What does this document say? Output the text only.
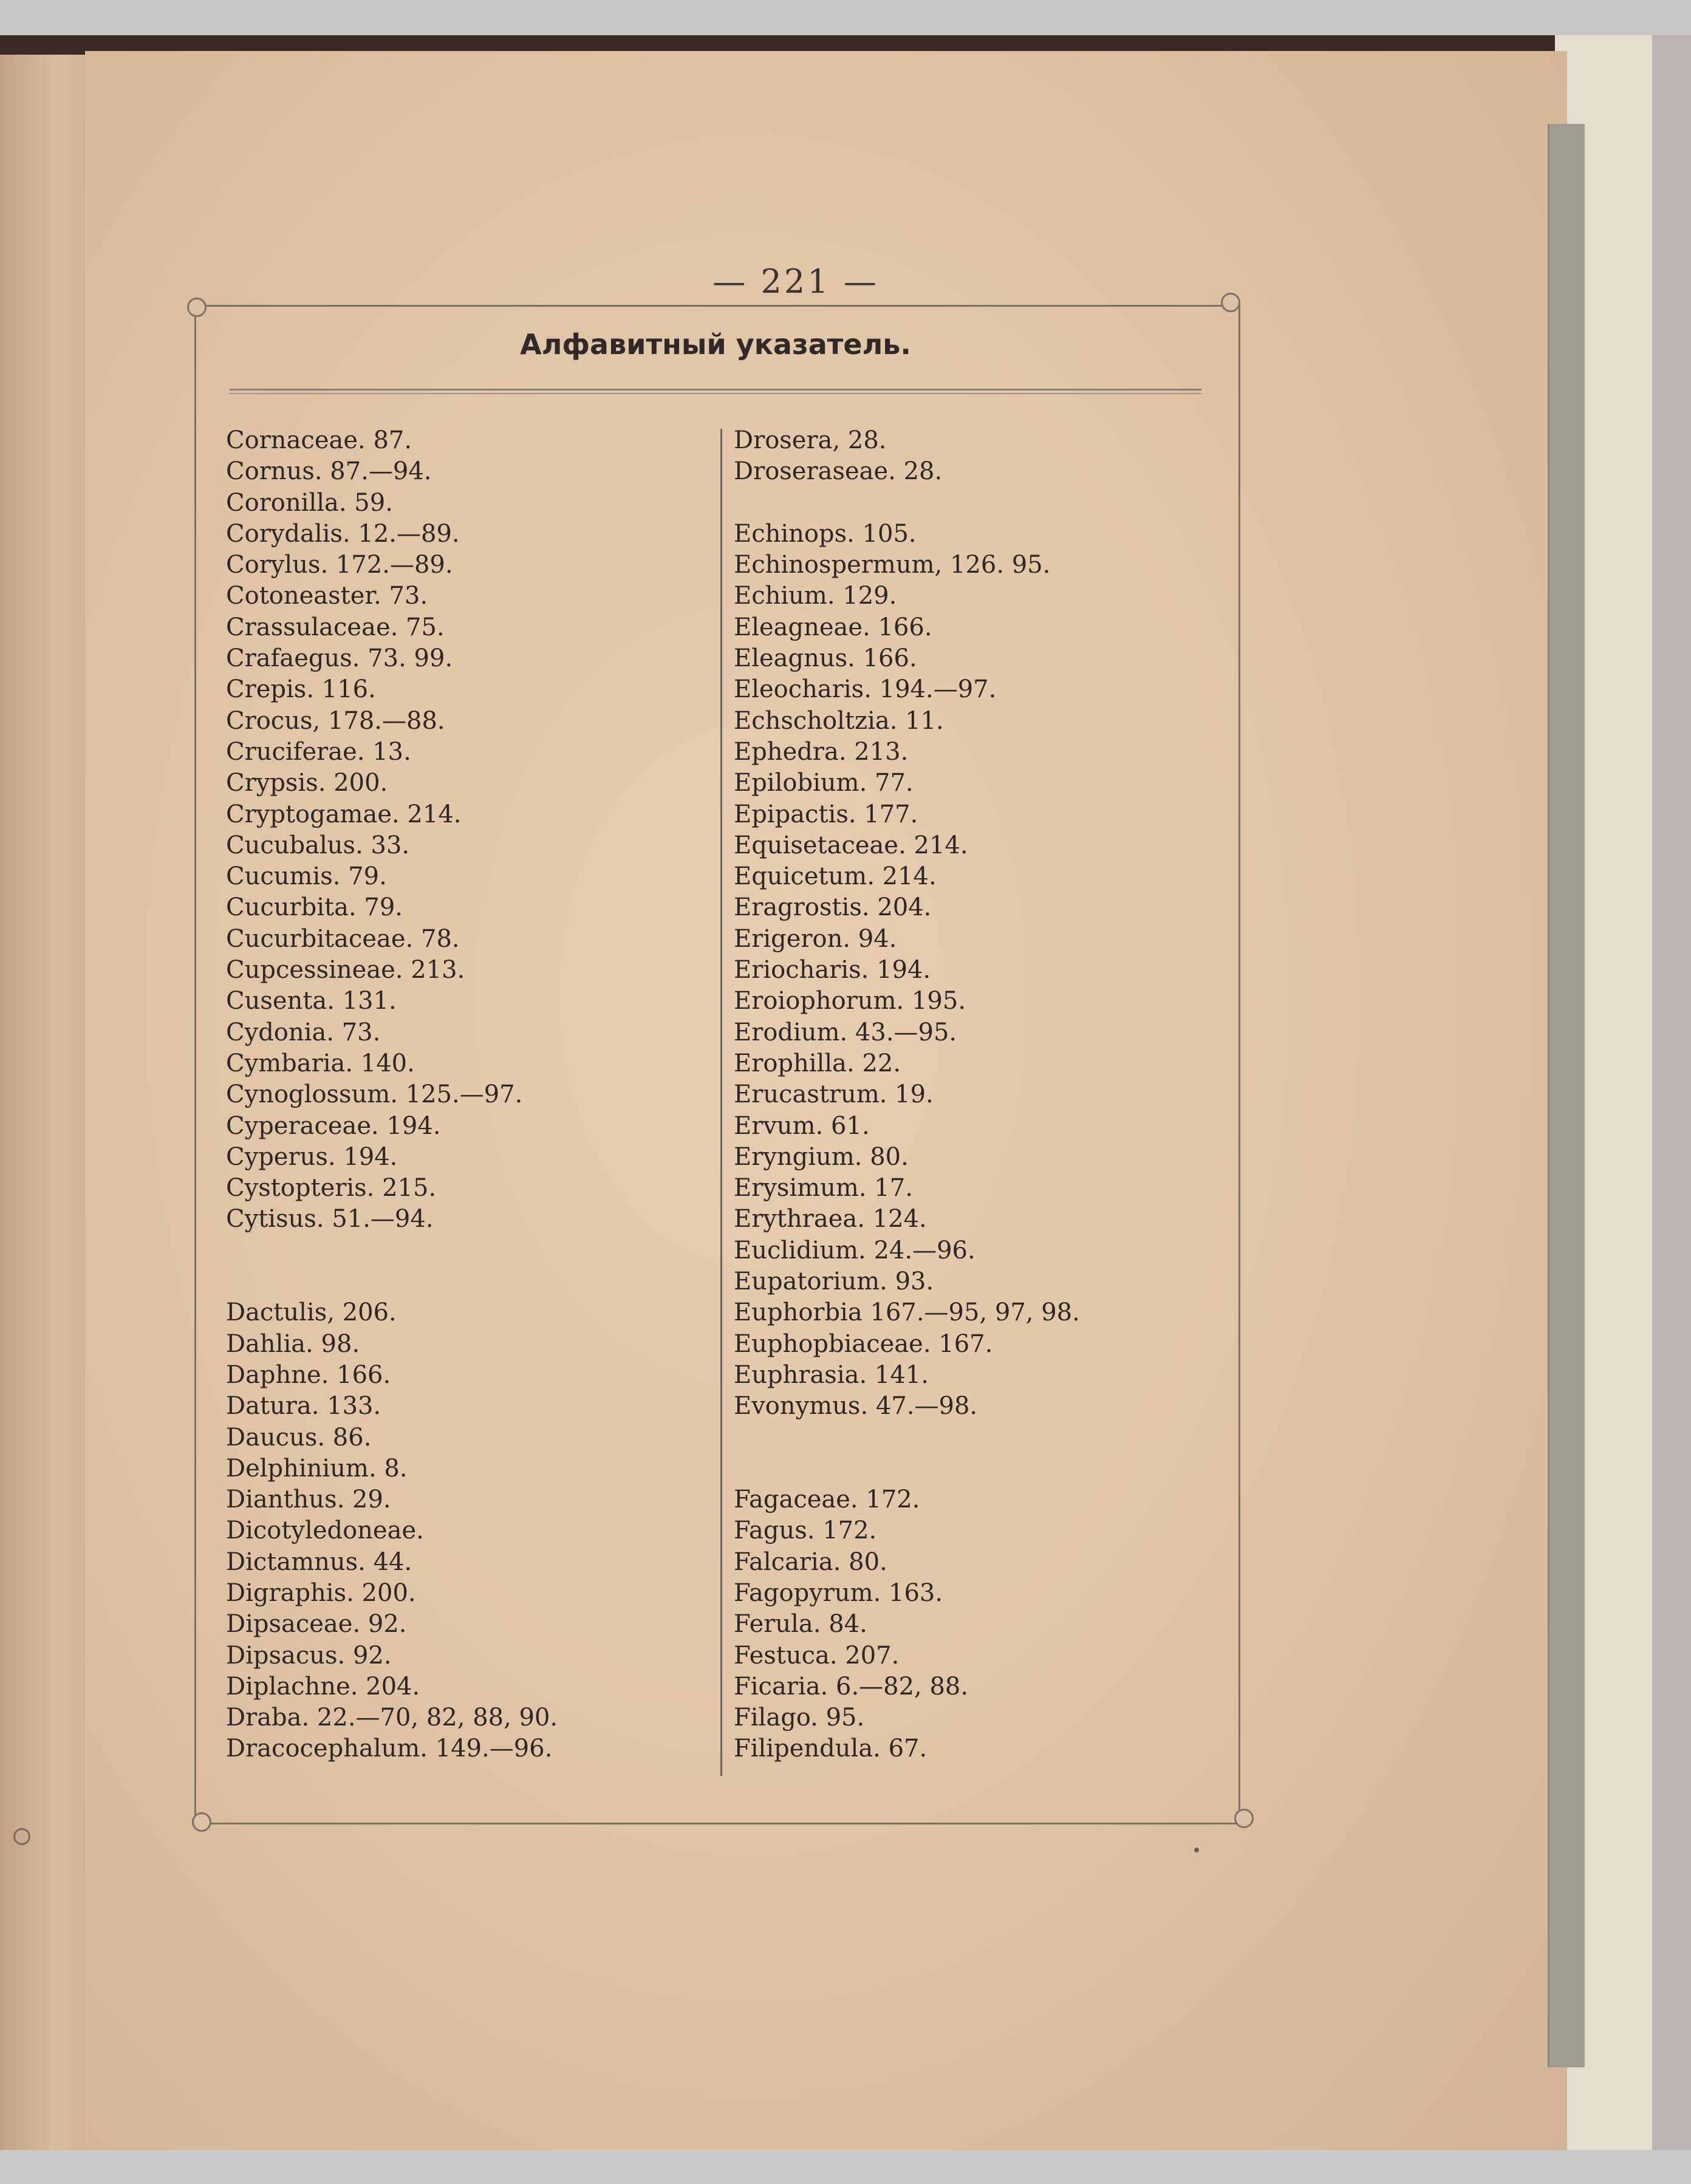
— 221 —
Алфавитный указатель.
Cornaceae. 87.
Cornus. 87.—94.
Coronilla. 59.
Corydalis. 12.—89.
Corylus. 172.—89.
Cotoneaster. 73.
Crassulaceae. 75.
Crafaegus. 73. 99.
Crepis. 116.
Crocus, 178.—88.
Cruciferae. 13.
Crypsis. 200.
Cryptogamae. 214.
Cucubalus. 33.
Cucumis. 79.
Cucurbita. 79.
Cucurbitaceae. 78.
Cupcessineae. 213.
Cusenta. 131.
Cydonia. 73.
Cymbaria. 140.
Cynoglossum. 125.—97.
Cyperaceae. 194.
Cyperus. 194.
Cystopteris. 215.
Cytisus. 51.—94.
Dactulis, 206.
Dahlia. 98.
Daphne. 166.
Datura. 133.
Daucus. 86.
Delphinium. 8.
Dianthus. 29.
Dicotyledoneae.
Dictamnus. 44.
Digraphis. 200.
Dipsaceae. 92.
Dipsacus. 92.
Diplachne. 204.
Draba. 22.—70, 82, 88, 90.
Dracocephalum. 149.—96.
Drosera, 28.
Droseraseae. 28.
Echinops. 105.
Echinospermum, 126. 95.
Echium. 129.
Eleagneae. 166.
Eleagnus. 166.
Eleocharis. 194.—97.
Echscholtzia. 11.
Ephedra. 213.
Epilobium. 77.
Epipactis. 177.
Equisetaceae. 214.
Equicetum. 214.
Eragrostis. 204.
Erigeron. 94.
Eriocharis. 194.
Eroiophorum. 195.
Erodium. 43.—95.
Erophilla. 22.
Erucastrum. 19.
Ervum. 61.
Eryngium. 80.
Erysimum. 17.
Erythraea. 124.
Euclidium. 24.—96.
Eupatorium. 93.
Euphorbia 167.—95, 97, 98.
Euphopbiaceae. 167.
Euphrasia. 141.
Evonymus. 47.—98.
Fagaceae. 172.
Fagus. 172.
Falcaria. 80.
Fagopyrum. 163.
Ferula. 84.
Festuca. 207.
Ficaria. 6.—82, 88.
Filago. 95.
Filipendula. 67.
